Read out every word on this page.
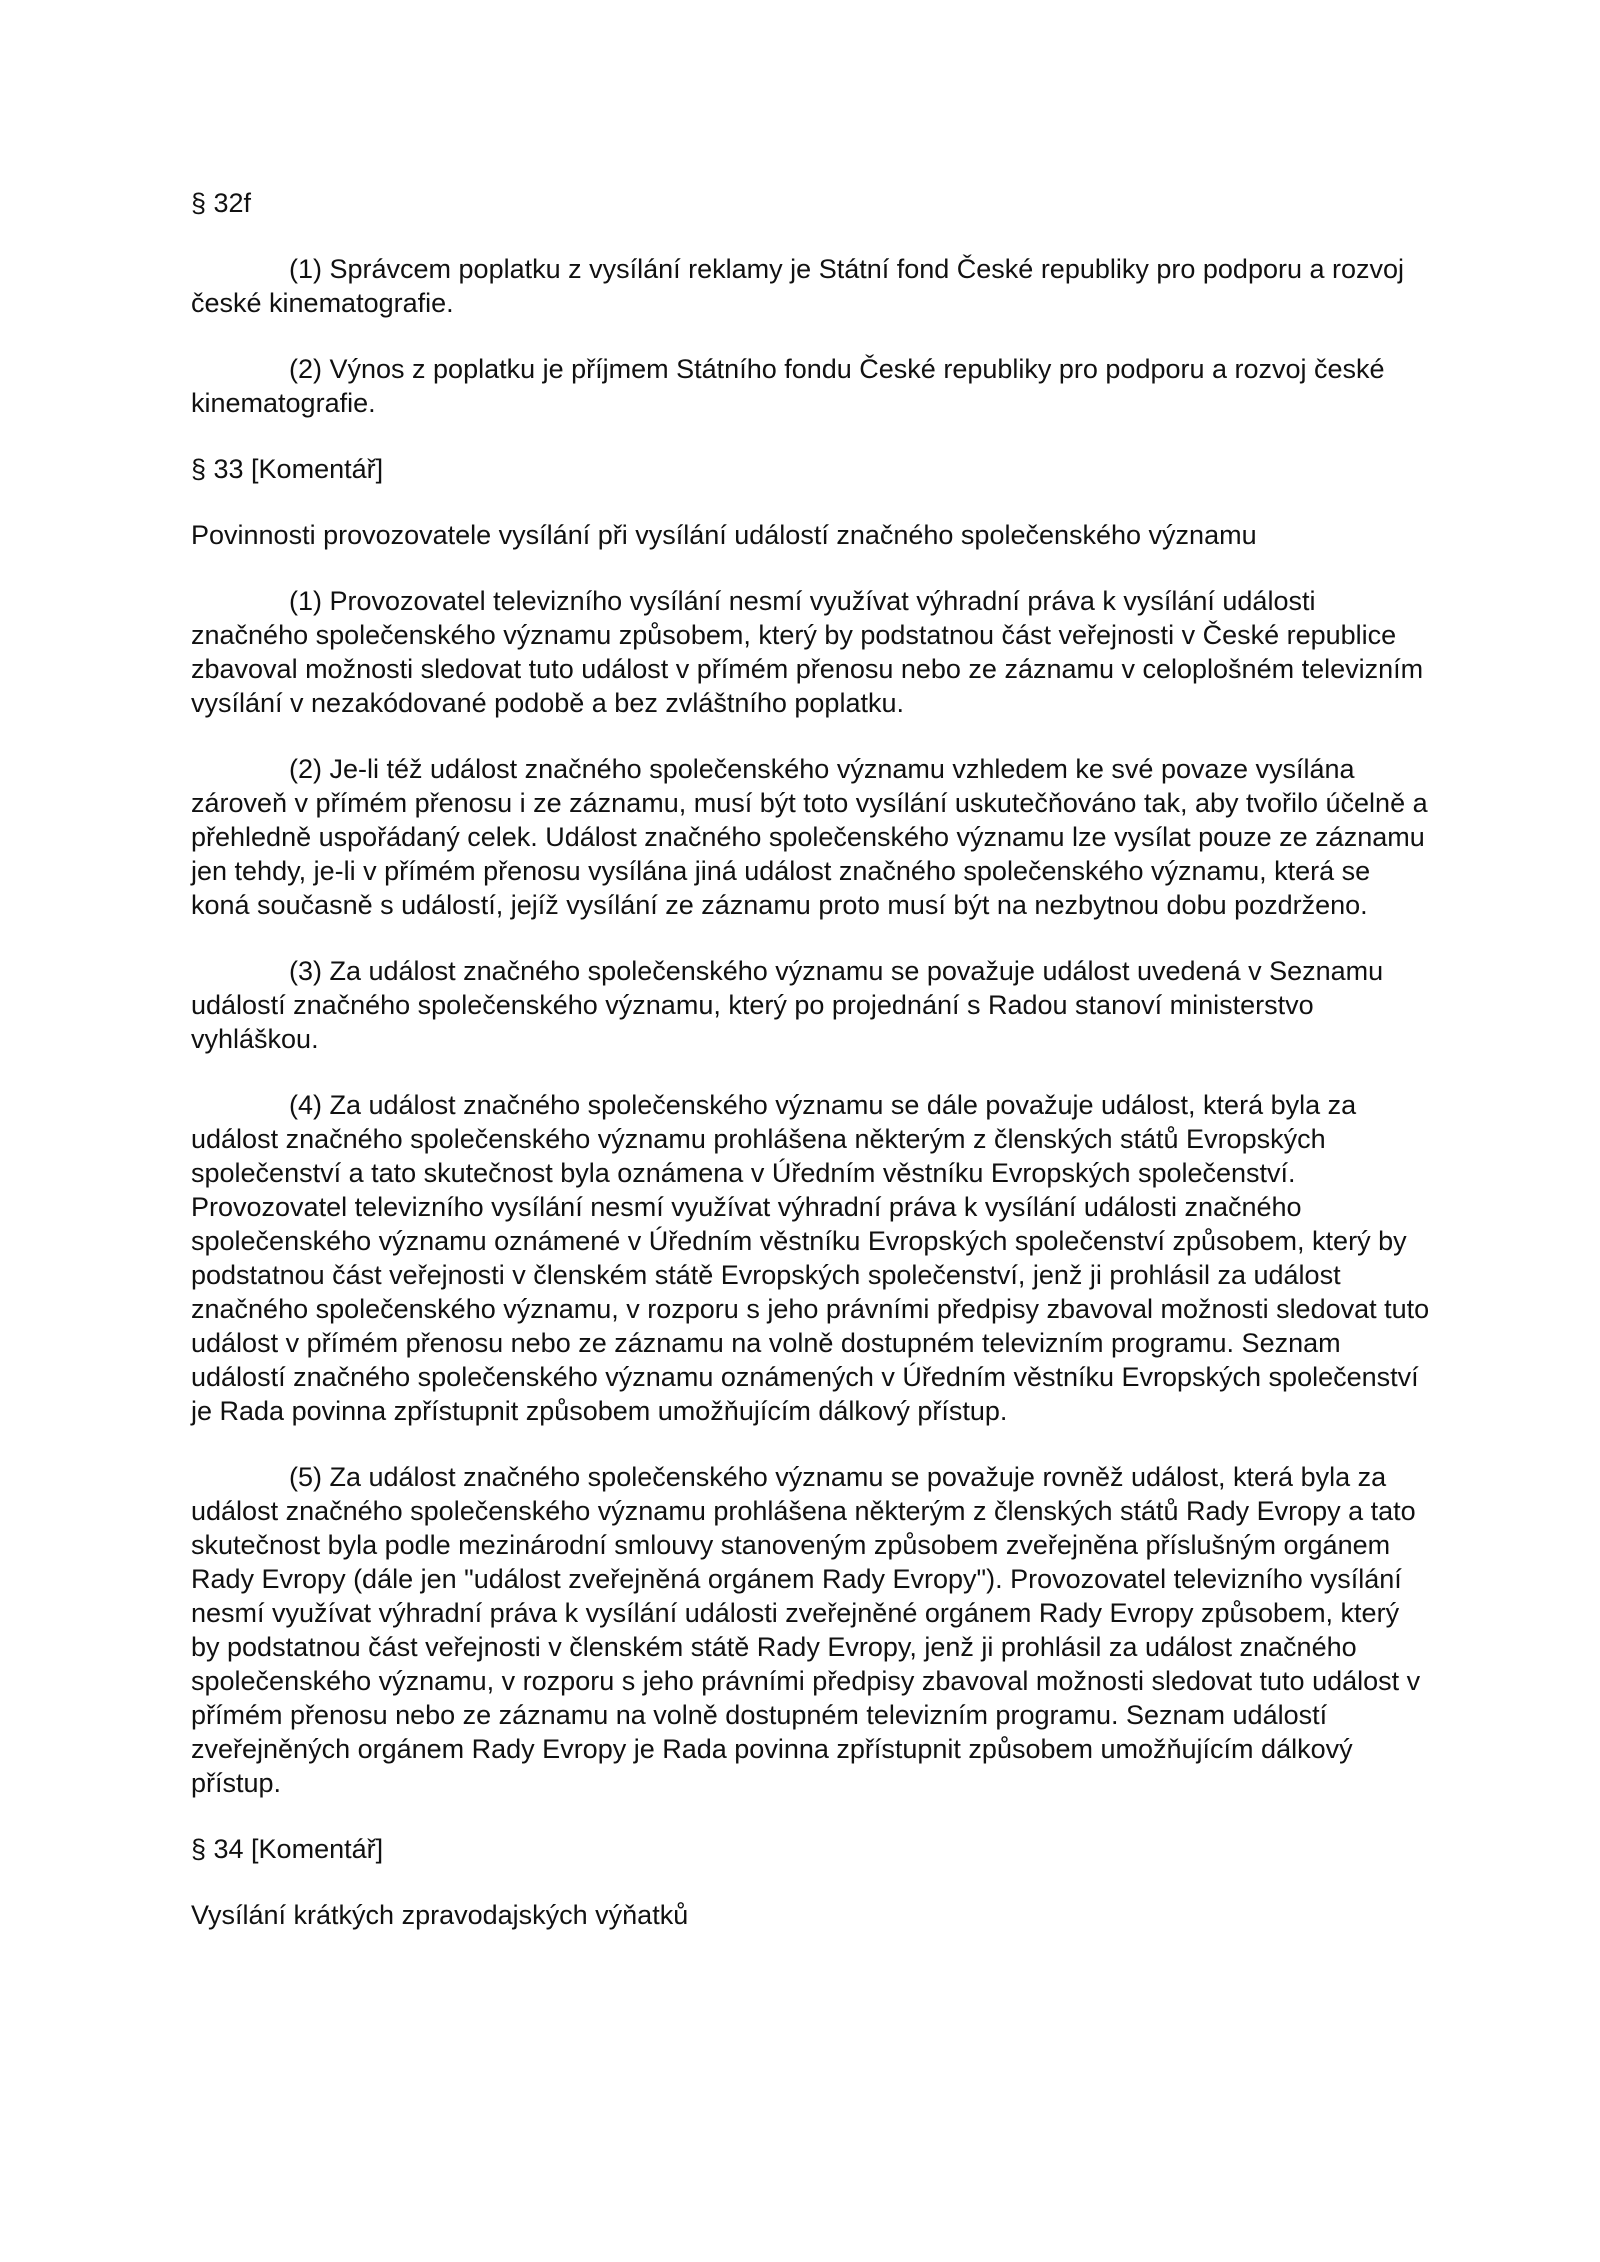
§ 32f
(1) Správcem poplatku z vysílání reklamy je Státní fond České republiky pro podporu a rozvoj české kinematografie.
(2) Výnos z poplatku je příjmem Státního fondu České republiky pro podporu a rozvoj české kinematografie.
§ 33 [Komentář]
Povinnosti provozovatele vysílání při vysílání událostí značného společenského významu
(1) Provozovatel televizního vysílání nesmí využívat výhradní práva k vysílání události značného společenského významu způsobem, který by podstatnou část veřejnosti v České republice zbavoval možnosti sledovat tuto událost v přímém přenosu nebo ze záznamu v celoplošném televizním vysílání v nezakódované podobě a bez zvláštního poplatku.
(2) Je-li též událost značného společenského významu vzhledem ke své povaze vysílána zároveň v přímém přenosu i ze záznamu, musí být toto vysílání uskutečňováno tak, aby tvořilo účelně a přehledně uspořádaný celek. Událost značného společenského významu lze vysílat pouze ze záznamu jen tehdy, je-li v přímém přenosu vysílána jiná událost značného společenského významu, která se koná současně s událostí, jejíž vysílání ze záznamu proto musí být na nezbytnou dobu pozdrženo.
(3) Za událost značného společenského významu se považuje událost uvedená v Seznamu událostí značného společenského významu, který po projednání s Radou stanoví ministerstvo vyhláškou.
(4) Za událost značného společenského významu se dále považuje událost, která byla za událost značného společenského významu prohlášena některým z členských států Evropských společenství a tato skutečnost byla oznámena v Úředním věstníku Evropských společenství. Provozovatel televizního vysílání nesmí využívat výhradní práva k vysílání události značného společenského významu oznámené v Úředním věstníku Evropských společenství způsobem, který by podstatnou část veřejnosti v členském státě Evropských společenství, jenž ji prohlásil za událost značného společenského významu, v rozporu s jeho právními předpisy zbavoval možnosti sledovat tuto událost v přímém přenosu nebo ze záznamu na volně dostupném televizním programu. Seznam událostí značného společenského významu oznámených v Úředním věstníku Evropských společenství je Rada povinna zpřístupnit způsobem umožňujícím dálkový přístup.
(5) Za událost značného společenského významu se považuje rovněž událost, která byla za událost značného společenského významu prohlášena některým z členských států Rady Evropy a tato skutečnost byla podle mezinárodní smlouvy stanoveným způsobem zveřejněna příslušným orgánem Rady Evropy (dále jen "událost zveřejněná orgánem Rady Evropy"). Provozovatel televizního vysílání nesmí využívat výhradní práva k vysílání události zveřejněné orgánem Rady Evropy způsobem, který by podstatnou část veřejnosti v členském státě Rady Evropy, jenž ji prohlásil za událost značného společenského významu, v rozporu s jeho právními předpisy zbavoval možnosti sledovat tuto událost v přímém přenosu nebo ze záznamu na volně dostupném televizním programu. Seznam událostí zveřejněných orgánem Rady Evropy je Rada povinna zpřístupnit způsobem umožňujícím dálkový přístup.
§ 34 [Komentář]
Vysílání krátkých zpravodajských výňatků
